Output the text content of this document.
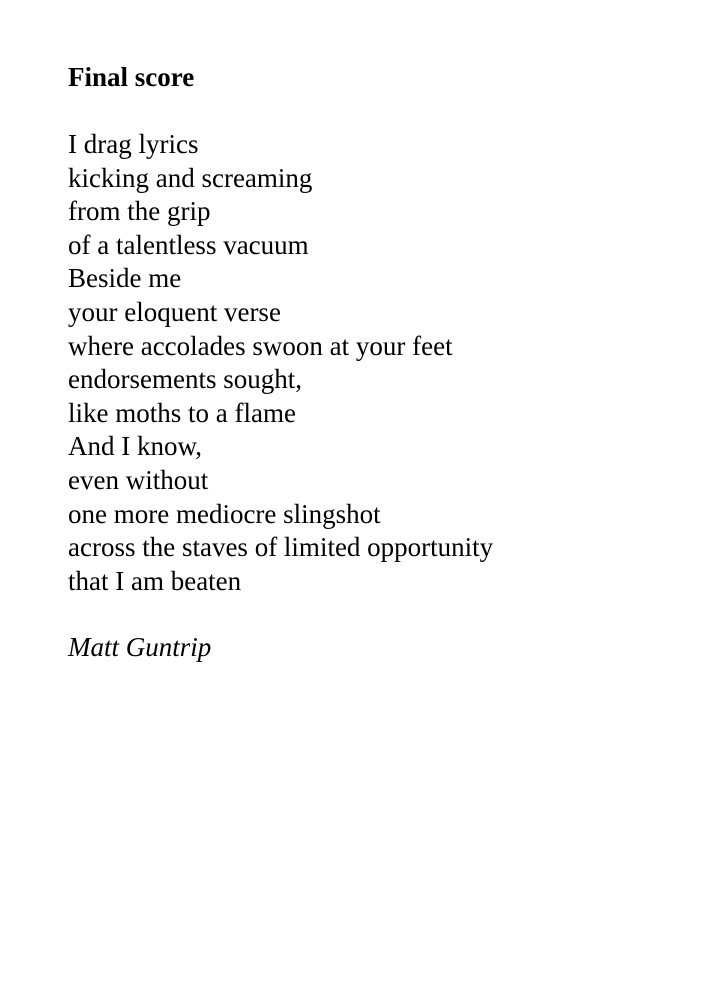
Final score
I drag lyrics
kicking and screaming
from the grip
of a talentless vacuum
Beside me
your eloquent verse
where accolades swoon at your feet
endorsements sought,
like moths to a flame
And I know,
even without
one more mediocre slingshot
across the staves of limited opportunity
that I am beaten

Matt Guntrip
